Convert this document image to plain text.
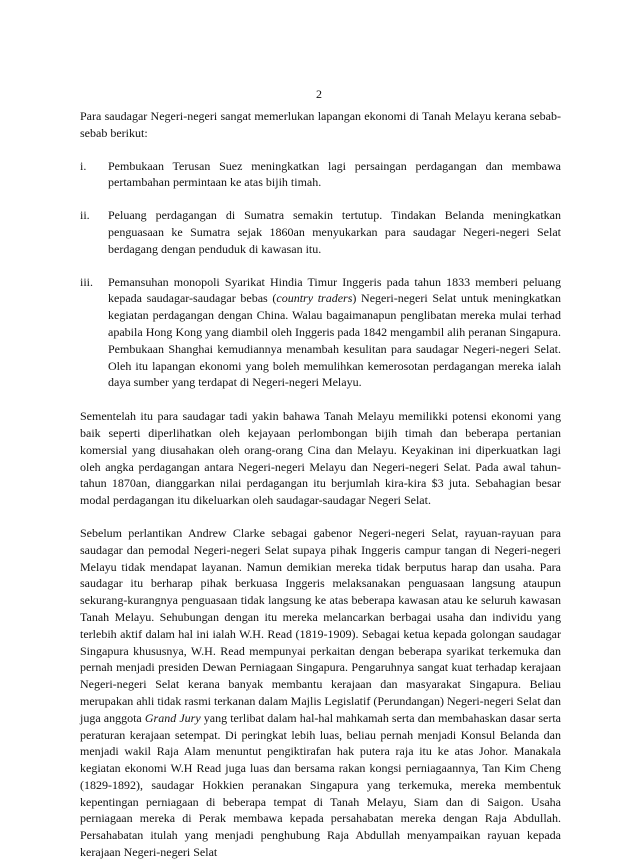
2

Para saudagar Negeri-negeri sangat memerlukan lapangan ekonomi di Tanah Melayu kerana sebab-sebab berikut:

i.	Pembukaan Terusan Suez meningkatkan lagi persaingan perdagangan dan membawa pertambahan permintaan ke atas bijih timah.
ii.	Peluang perdagangan di Sumatra semakin tertutup. Tindakan Belanda meningkatkan penguasaan ke Sumatra sejak 1860an menyukarkan para saudagar Negeri-negeri Selat berdagang dengan penduduk di kawasan itu.
iii.	Pemansuhan monopoli Syarikat Hindia Timur Inggeris pada tahun 1833 memberi peluang kepada saudagar-saudagar bebas (country traders) Negeri-negeri Selat untuk meningkatkan kegiatan perdagangan dengan China. Walau bagaimanapun penglibatan mereka mulai terhad apabila Hong Kong yang diambil oleh Inggeris pada 1842 mengambil alih peranan Singapura. Pembukaan Shanghai kemudiannya menambah kesulitan para saudagar Negeri-negeri Selat. Oleh itu lapangan ekonomi yang boleh memulihkan kemerosotan perdagangan mereka ialah daya sumber yang terdapat di Negeri-negeri Melayu.

Sementelah itu para saudagar tadi yakin bahawa Tanah Melayu memilikki potensi ekonomi yang baik seperti diperlihatkan oleh kejayaan perlombongan bijih timah dan beberapa pertanian komersial yang diusahakan oleh orang-orang Cina dan Melayu. Keyakinan ini diperkuatkan lagi oleh angka perdagangan antara Negeri-negeri Melayu dan Negeri-negeri Selat. Pada awal tahun-tahun 1870an, dianggarkan nilai perdagangan itu berjumlah kira-kira $3 juta. Sebahagian besar modal perdagangan itu dikeluarkan oleh saudagar-saudagar Negeri Selat.

Sebelum perlantikan Andrew Clarke sebagai gabenor Negeri-negeri Selat, rayuan-rayuan para saudagar dan pemodal Negeri-negeri Selat supaya pihak Inggeris campur tangan di Negeri-negeri Melayu tidak mendapat layanan. Namun demikian mereka tidak berputus harap dan usaha. Para saudagar itu berharap pihak berkuasa Inggeris melaksanakan penguasaan langsung ataupun sekurang-kurangnya penguasaan tidak langsung ke atas beberapa kawasan atau ke seluruh kawasan Tanah Melayu. Sehubungan dengan itu mereka melancarkan berbagai usaha dan individu yang terlebih aktif dalam hal ini ialah W.H. Read (1819-1909). Sebagai ketua kepada golongan saudagar Singapura khususnya, W.H. Read mempunyai perkaitan dengan beberapa syarikat terkemuka dan pernah menjadi presiden Dewan Perniagaan Singapura. Pengaruhnya sangat kuat terhadap kerajaan Negeri-negeri Selat kerana banyak membantu kerajaan dan masyarakat Singapura. Beliau merupakan ahli tidak rasmi terkanan dalam Majlis Legislatif (Perundangan) Negeri-negeri Selat dan juga anggota Grand Jury yang terlibat dalam hal-hal mahkamah serta dan membahaskan dasar serta peraturan kerajaan setempat. Di peringkat lebih luas, beliau pernah menjadi Konsul Belanda dan menjadi wakil Raja Alam menuntut pengiktirafan hak putera raja itu ke atas Johor. Manakala kegiatan ekonomi W.H Read juga luas dan bersama rakan kongsi perniagaannya, Tan Kim Cheng (1829-1892), saudagar Hokkien peranakan Singapura yang terkemuka, mereka membentuk kepentingan perniagaan di beberapa tempat di Tanah Melayu, Siam dan di Saigon. Usaha perniagaan mereka di Perak membawa kepada persahabatan mereka dengan Raja Abdullah. Persahabatan itulah yang menjadi penghubung Raja Abdullah menyampaikan rayuan kepada kerajaan Negeri-negeri Selat
